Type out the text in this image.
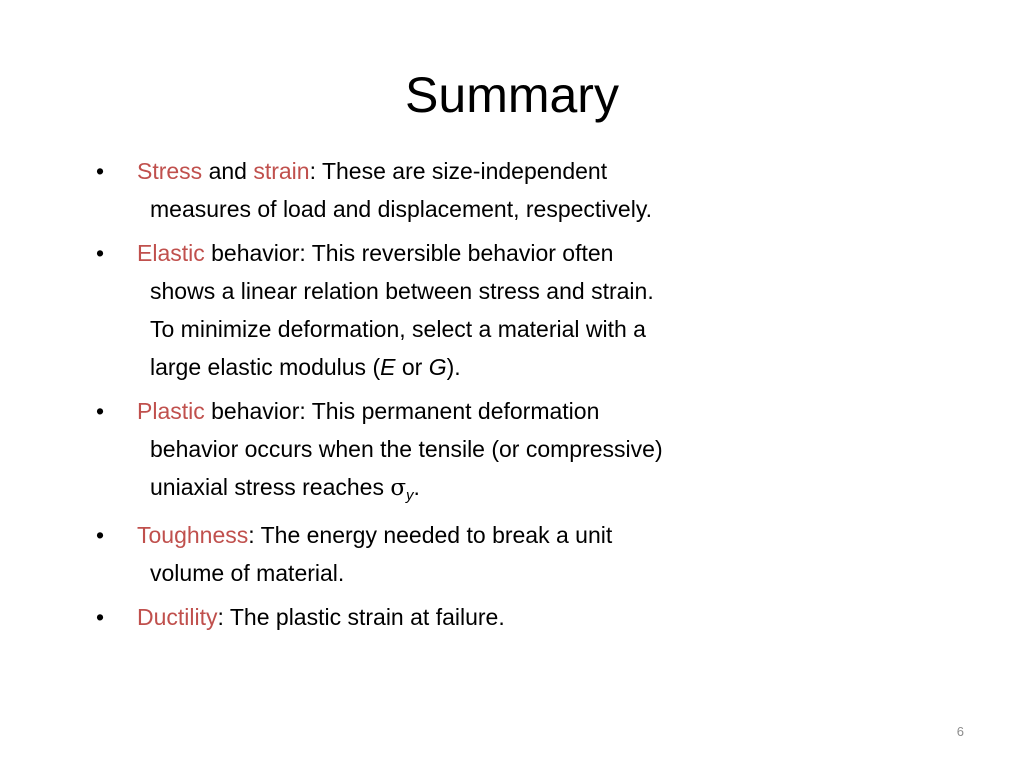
Summary
•	Stress and strain: These are size-independent
measures of load and displacement, respectively.
•	Elastic behavior: This reversible behavior often
shows a linear relation between stress and strain.
To minimize deformation, select a material with a
large elastic modulus (E or G).
•	Plastic behavior: This permanent deformation
behavior occurs when the tensile (or compressive)
uniaxial stress reaches $\sigma_y$.
•	Toughness: The energy needed to break a unit
volume of material.
•	Ductility: The plastic strain at failure.
6
